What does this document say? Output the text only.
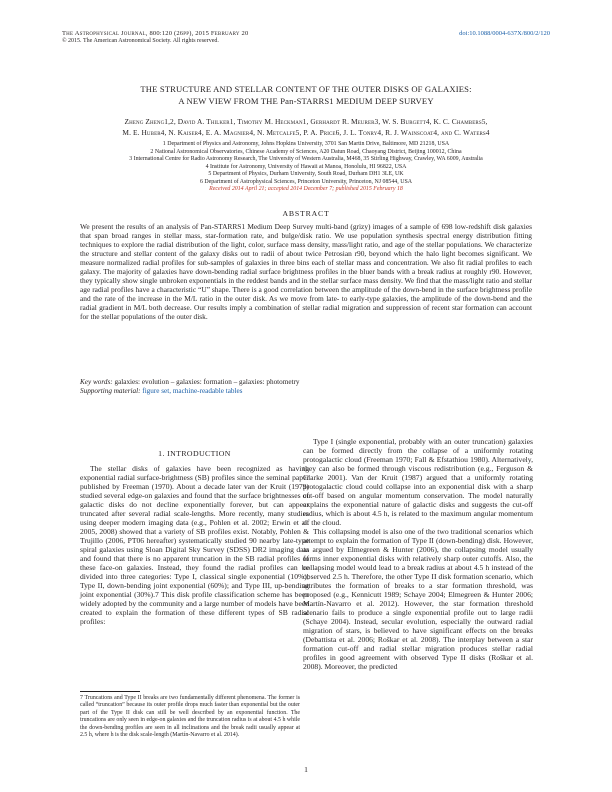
The Astrophysical Journal, 800:120 (26pp), 2015 February 20	doi:10.1088/0004-637X/800/2/120
© 2015. The American Astronomical Society. All rights reserved.
THE STRUCTURE AND STELLAR CONTENT OF THE OUTER DISKS OF GALAXIES:
A NEW VIEW FROM THE Pan-STARRS1 MEDIUM DEEP SURVEY
Zheng Zheng1,2, David A. Thilker1, Timothy M. Heckman1, Gerhardt R. Meurer3, W. S. Burgett4, K. C. Chambers5,
M. E. Huber4, N. Kaiser4, E. A. Magnier4, N. Metcalfe5, P. A. Price6, J. L. Tonry4, R. J. Wainscoat4, and C. Waters4
1 Department of Physics and Astronomy, Johns Hopkins University, 3701 San Martin Drive, Baltimore, MD 21218, USA
2 National Astronomical Observatories, Chinese Academy of Sciences, A20 Datun Road, Chaoyang District, Beijing 100012, China
3 International Centre for Radio Astronomy Research, The University of Western Australia, M468, 35 Stirling Highway, Crawley, WA 6009, Australia
4 Institute for Astronomy, University of Hawaii at Manoa, Honolulu, HI 96822, USA
5 Department of Physics, Durham University, South Road, Durham DH1 3LE, UK
6 Department of Astrophysical Sciences, Princeton University, Princeton, NJ 08544, USA
Received 2014 April 21; accepted 2014 December 7; published 2015 February 18
ABSTRACT
We present the results of an analysis of Pan-STARRS1 Medium Deep Survey multi-band (grizy) images of a sample of 698 low-redshift disk galaxies that span broad ranges in stellar mass, star-formation rate, and bulge/disk ratio. We use population synthesis spectral energy distribution fitting techniques to explore the radial distribution of the light, color, surface mass density, mass/light ratio, and age of the stellar populations. We characterize the structure and stellar content of the galaxy disks out to radii of about twice Petrosian r90, beyond which the halo light becomes significant. We measure normalized radial profiles for sub-samples of galaxies in three bins each of stellar mass and concentration. We also fit radial profiles to each galaxy. The majority of galaxies have down-bending radial surface brightness profiles in the bluer bands with a break radius at roughly r90. However, they typically show single unbroken exponentials in the reddest bands and in the stellar surface mass density. We find that the mass/light ratio and stellar age radial profiles have a characteristic “U” shape. There is a good correlation between the amplitude of the down-bend in the surface brightness profile and the rate of the increase in the M/L ratio in the outer disk. As we move from late- to early-type galaxies, the amplitude of the down-bend and the radial gradient in M/L both decrease. Our results imply a combination of stellar radial migration and suppression of recent star formation can account for the stellar populations of the outer disk.
Key words: galaxies: evolution – galaxies: formation – galaxies: photometry
Supporting material: figure set, machine-readable tables
1. INTRODUCTION

The stellar disks of galaxies have been recognized as having exponential radial surface-brightness (SB) profiles since the seminal paper published by Freeman (1970). About a decade later van der Kruit (1979) studied several edge-on galaxies and found that the surface brightnesses of galactic disks do not decline exponentially forever, but can appear truncated after several radial scale-lengths. More recently, many studies using deeper modern imaging data (e.g., Pohlen et al. 2002; Erwin et al. 2005, 2008) showed that a variety of SB profiles exist. Notably, Pohlen & Trujillo (2006, PT06 hereafter) systematically studied 90 nearby late-type spiral galaxies using Sloan Digital Sky Survey (SDSS) DR2 imaging data and found that there is no apparent truncation in the SB radial profiles of these face-on galaxies. Instead, they found the radial profiles can be divided into three categories: Type I, classical single exponential (10%); Type II, down-bending joint exponential (60%); and Type III, up-bending joint exponential (30%).7 This disk profile classification scheme has been widely adopted by the community and a large number of models have been created to explain the formation of these different types of SB radial profiles:

Type I (single exponential, probably with an outer truncation) galaxies can be formed directly from the collapse of a uniformly rotating protogalactic cloud (Freeman 1970; Fall & Efstathiou 1980). Alternatively, they can also be formed through viscous redistribution (e.g., Ferguson & Clarke 2001). Van der Kruit (1987) argued that a uniformly rotating protogalactic cloud could collapse into an exponential disk with a sharp cut-off based on angular momentum conservation. The model naturally explains the exponential nature of galactic disks and suggests the cut-off radius, which is about 4.5 h, is related to the maximum angular momentum of the cloud.

This collapsing model is also one of the two traditional scenarios which attempt to explain the formation of Type II (down-bending) disk. However, as argued by Elmegreen & Hunter (2006), the collapsing model usually forms inner exponential disks with relatively sharp outer cutoffs. Also, the collapsing model would lead to a break radius at about 4.5 h instead of the observed 2.5 h. Therefore, the other Type II disk formation scenario, which attributes the formation of breaks to a star formation threshold, was proposed (e.g., Kennicutt 1989; Schaye 2004; Elmegreen & Hunter 2006; Martín-Navarro et al. 2012). However, the star formation threshold scenario fails to produce a single exponential profile out to large radii (Schaye 2004). Instead, secular evolution, especially the outward radial migration of stars, is believed to have significant effects on the breaks (Debattista et al. 2006; Roškar et al. 2008). The interplay between a star formation cut-off and radial stellar migration produces stellar radial profiles in good agreement with observed Type II disks (Roškar et al. 2008). Moreover, the predicted

7 Truncations and Type II breaks are two fundamentally different phenomena. The former is called “truncation” because its outer profile drops much faster than exponential but the outer part of the Type II disk can still be well described by an exponential function. The truncations are only seen in edge-on galaxies and the truncation radius is at about 4.5 h while the down-bending profiles are seen in all inclinations and the break radii usually appear at 2.5 h, where h is the disk scale-length (Martín-Navarro et al. 2014).
1
